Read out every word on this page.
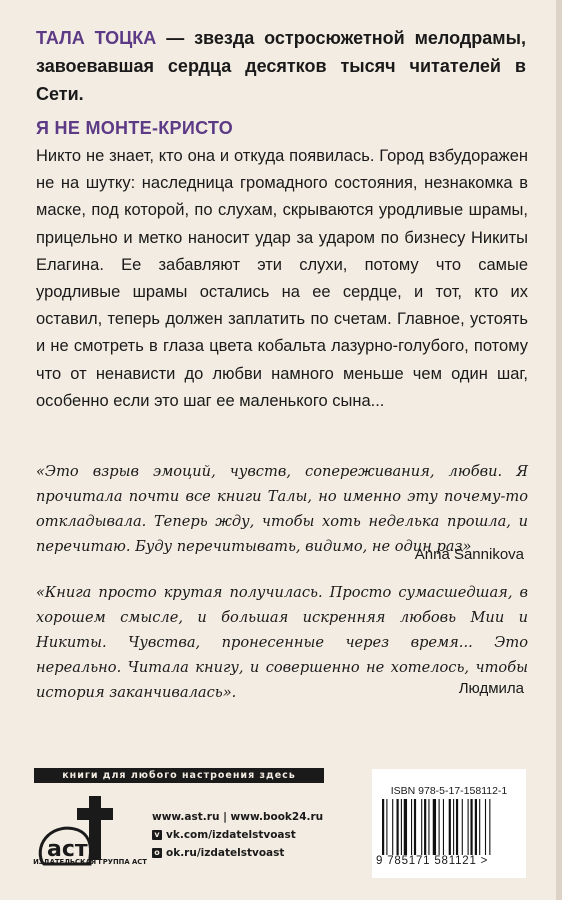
ТАЛА ТОЦКА — звезда остросюжетной мелодрамы, завоевавшая сердца десятков тысяч читателей в Сети.
Я НЕ МОНТЕ-КРИСТО
Никто не знает, кто она и откуда появилась. Город взбудоражен не на шутку: наследница громадного состояния, незнакомка в маске, под которой, по слухам, скрываются уродливые шрамы, прицельно и метко наносит удар за ударом по бизнесу Никиты Елагина. Ее забавляют эти слухи, потому что самые уродливые шрамы остались на ее сердце, и тот, кто их оставил, теперь должен заплатить по счетам. Главное, устоять и не смотреть в глаза цвета кобальта лазурно-голубого, потому что от ненависти до любви намного меньше чем один шаг, особенно если это шаг ее маленького сына...
«Это взрыв эмоций, чувств, сопереживания, любви. Я прочитала почти все книги Талы, но именно эту почему-то откладывала. Теперь жду, чтобы хоть неделька прошла, и перечитаю. Буду перечитывать, видимо, не один раз»
Anna Sannikova
«Книга просто крутая получилась. Просто сумасшедшая, в хорошем смысле, и большая искренняя любовь Мии и Никиты. Чувства, пронесенные через время... Это нереально. Читала книгу, и совершенно не хотелось, чтобы история заканчивалась».	Людмила
книги для любого настроения здесь
аст
ИЗДАТЕЛЬСКАЯ ГРУППА АСТ
www.ast.ru | www.book24.ru
v vk.com/izdatelstvoast
o ok.ru/izdatelstvoast
ISBN 978-5-17-158112-1
9 785171 581121 >
